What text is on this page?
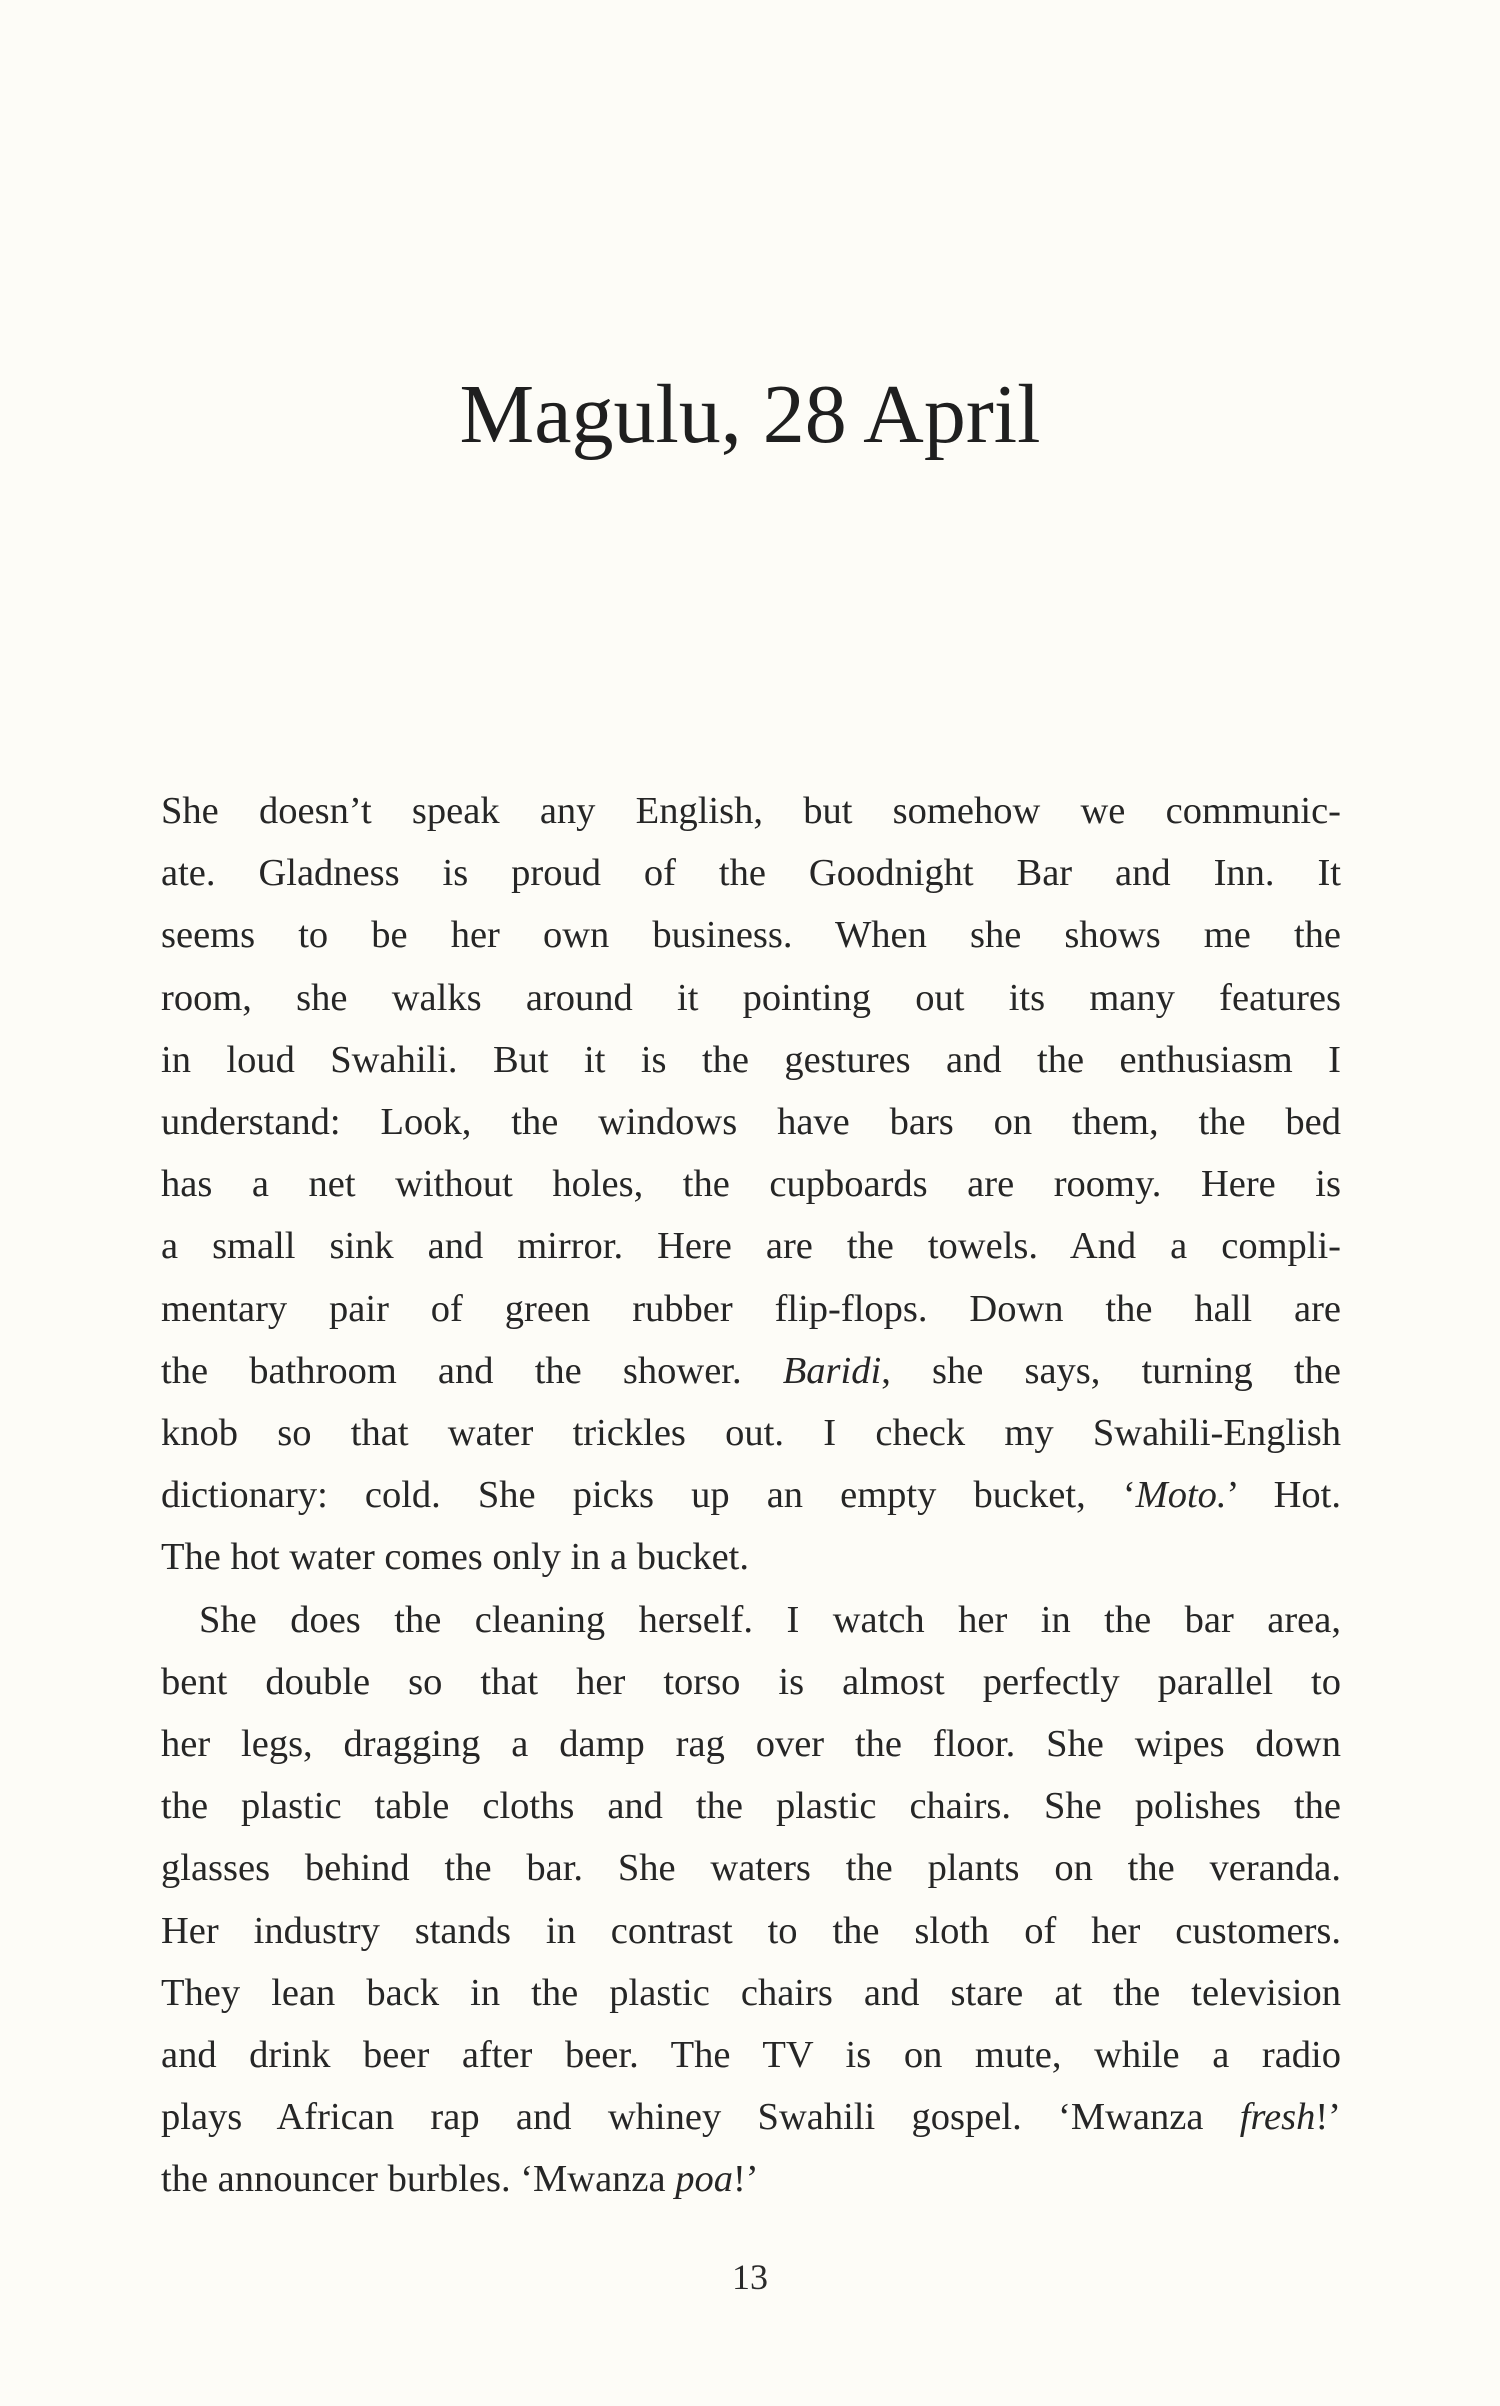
Magulu, 28 April

She doesn’t speak any English, but somehow we communic-
ate. Gladness is proud of the Goodnight Bar and Inn. It
seems to be her own business. When she shows me the
room, she walks around it pointing out its many features
in loud Swahili. But it is the gestures and the enthusiasm I
understand: Look, the windows have bars on them, the bed
has a net without holes, the cupboards are roomy. Here is
a small sink and mirror. Here are the towels. And a compli-
mentary pair of green rubber flip-flops. Down the hall are
the bathroom and the shower. Baridi, she says, turning the
knob so that water trickles out. I check my Swahili-English
dictionary: cold. She picks up an empty bucket, ‘Moto.’ Hot.
The hot water comes only in a bucket.

She does the cleaning herself. I watch her in the bar area,
bent double so that her torso is almost perfectly parallel to
her legs, dragging a damp rag over the floor. She wipes down
the plastic table cloths and the plastic chairs. She polishes the
glasses behind the bar. She waters the plants on the veranda.
Her industry stands in contrast to the sloth of her customers.
They lean back in the plastic chairs and stare at the television
and drink beer after beer. The TV is on mute, while a radio
plays African rap and whiney Swahili gospel. ‘Mwanza fresh!’
the announcer burbles. ‘Mwanza poa!’

13
